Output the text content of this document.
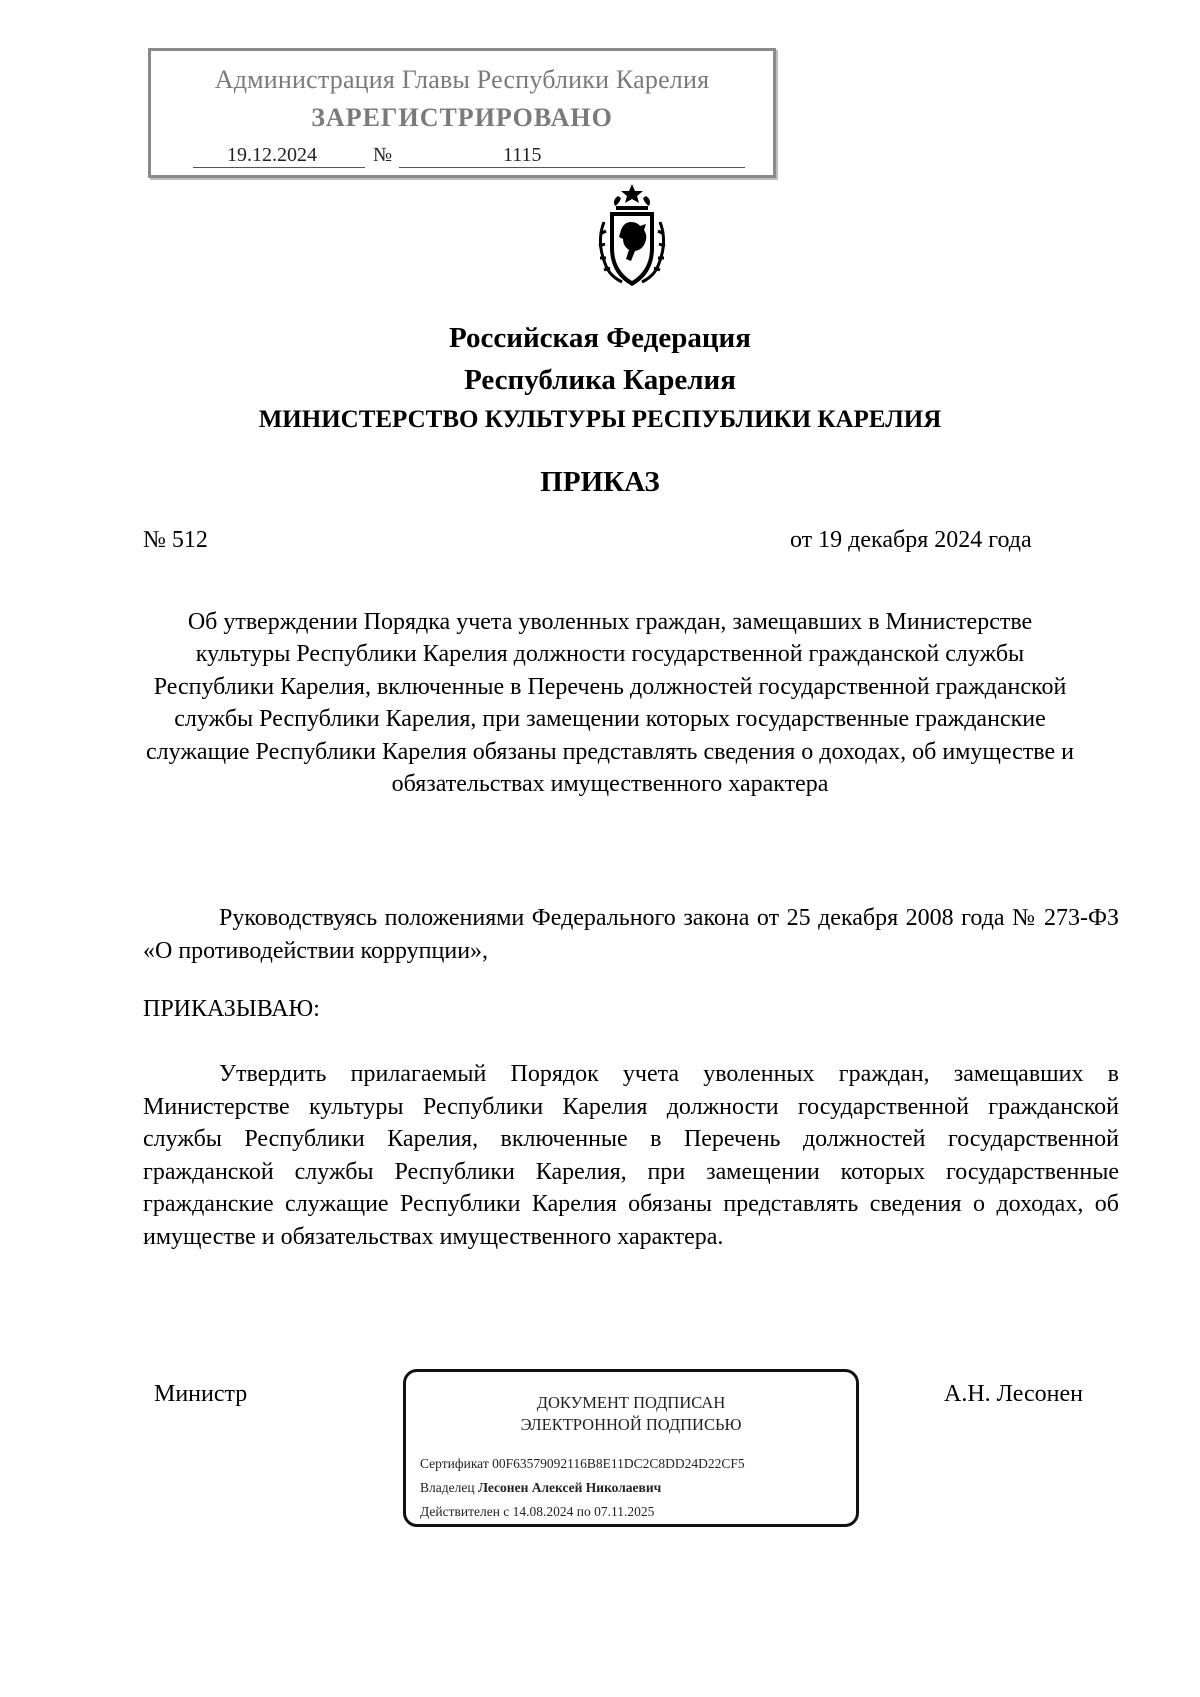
Администрация Главы Республики Карелия
ЗАРЕГИСТРИРОВАНО
19.12.2024	№	1115
Российская Федерация
Республика Карелия
МИНИСТЕРСТВО КУЛЬТУРЫ РЕСПУБЛИКИ КАРЕЛИЯ
ПРИКАЗ
№ 512	от 19 декабря 2024 года
Об утверждении Порядка учета уволенных граждан, замещавших в Министерстве культуры Республики Карелия должности государственной гражданской службы Республики Карелия, включенные в Перечень должностей государственной гражданской службы Республики Карелия, при замещении которых государственные гражданские служащие Республики Карелия обязаны представлять сведения о доходах, об имуществе и обязательствах имущественного характера
Руководствуясь положениями Федерального закона от 25 декабря 2008 года № 273-ФЗ «О противодействии коррупции»,
ПРИКАЗЫВАЮ:
Утвердить прилагаемый Порядок учета уволенных граждан, замещавших в Министерстве культуры Республики Карелия должности государственной гражданской службы Республики Карелия, включенные в Перечень должностей государственной гражданской службы Республики Карелия, при замещении которых государственные гражданские служащие Республики Карелия обязаны представлять сведения о доходах, об имуществе и обязательствах имущественного характера.
Министр	А.Н. Лесонен
ДОКУМЕНТ ПОДПИСАН
ЭЛЕКТРОННОЙ ПОДПИСЬЮ
Сертификат 00F63579092116B8E11DC2C8DD24D22CF5
Владелец Лесонен Алексей Николаевич
Действителен с 14.08.2024 по 07.11.2025
